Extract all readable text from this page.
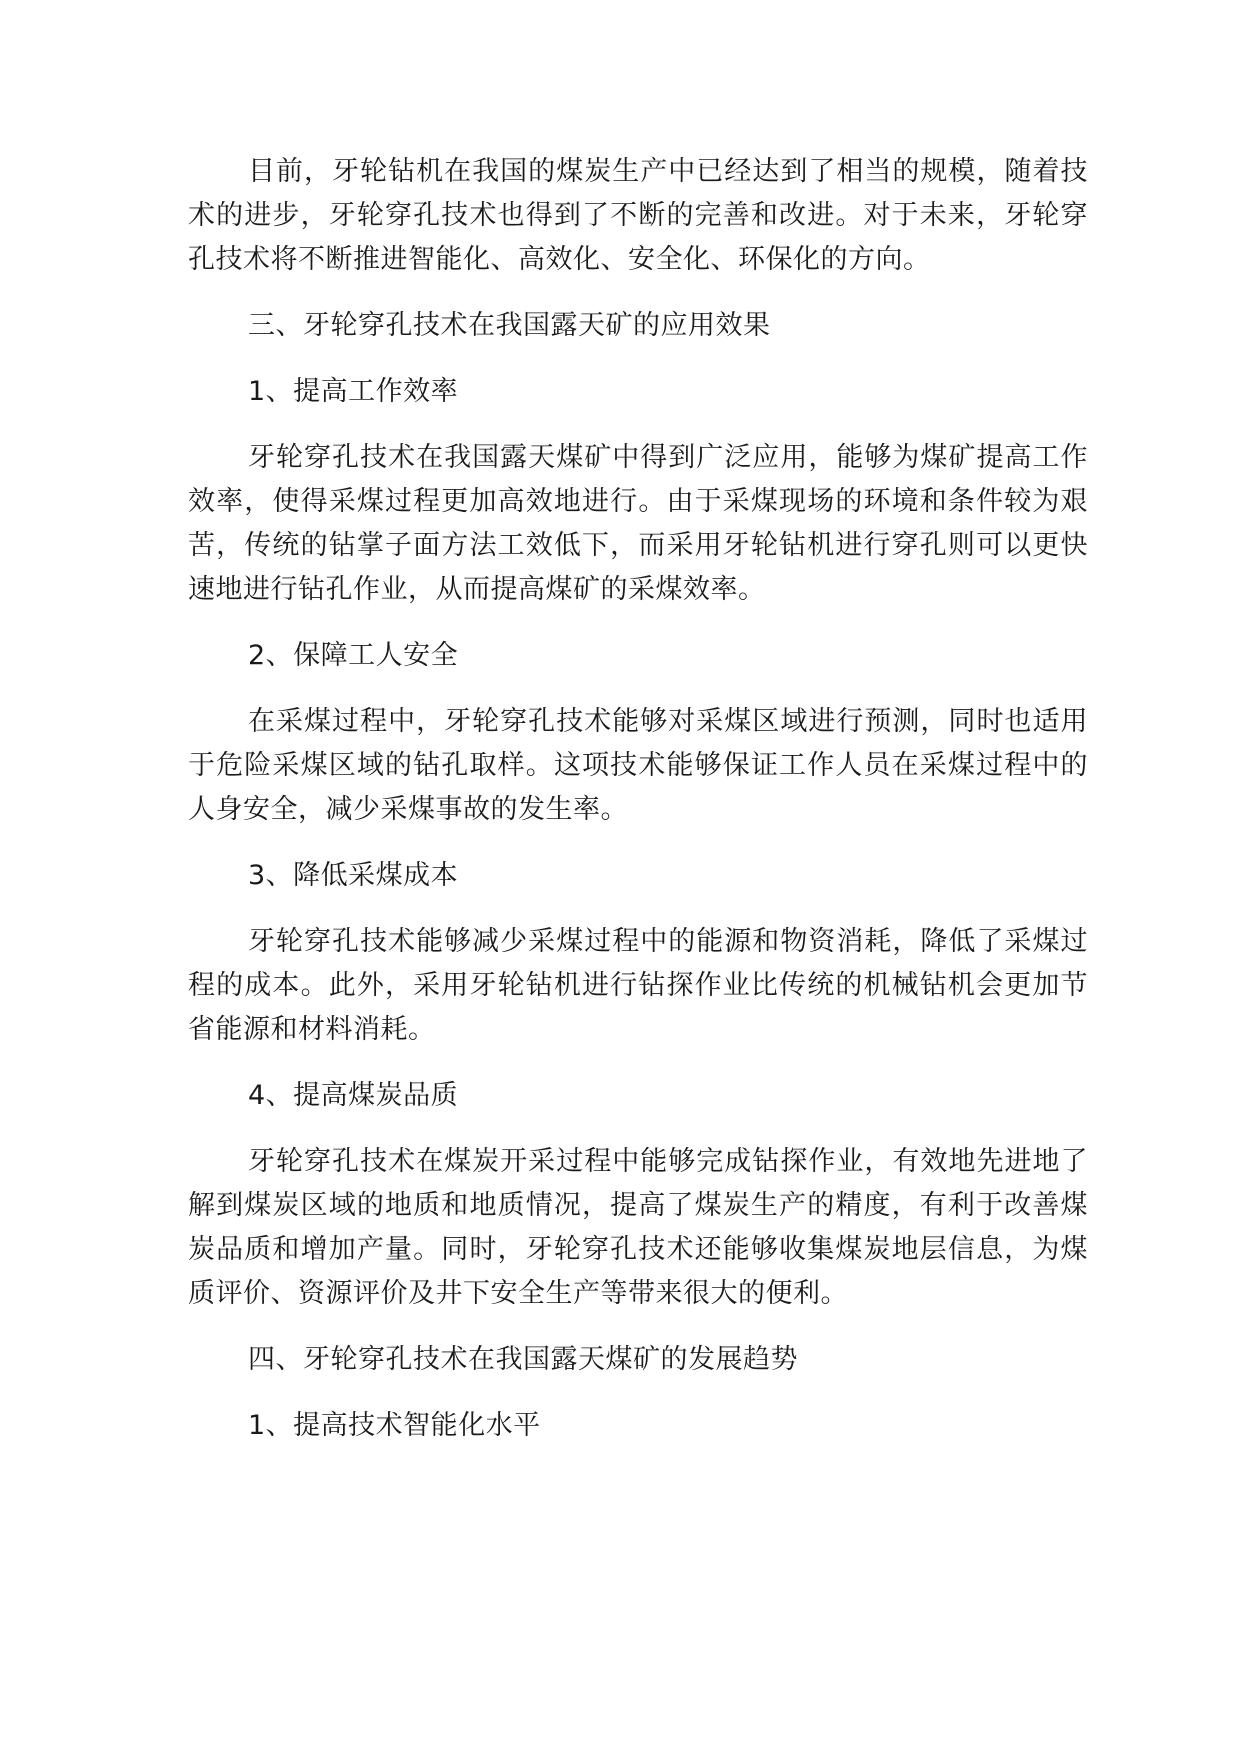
目前，牙轮钻机在我国的煤炭生产中已经达到了相当的规模，随着技术的进步，牙轮穿孔技术也得到了不断的完善和改进。对于未来，牙轮穿孔技术将不断推进智能化、高效化、安全化、环保化的方向。

三、牙轮穿孔技术在我国露天矿的应用效果

1、提高工作效率

牙轮穿孔技术在我国露天煤矿中得到广泛应用，能够为煤矿提高工作效率，使得采煤过程更加高效地进行。由于采煤现场的环境和条件较为艰苦，传统的钻掌子面方法工效低下，而采用牙轮钻机进行穿孔则可以更快速地进行钻孔作业，从而提高煤矿的采煤效率。

2、保障工人安全

在采煤过程中，牙轮穿孔技术能够对采煤区域进行预测，同时也适用于危险采煤区域的钻孔取样。这项技术能够保证工作人员在采煤过程中的人身安全，减少采煤事故的发生率。

3、降低采煤成本

牙轮穿孔技术能够减少采煤过程中的能源和物资消耗，降低了采煤过程的成本。此外，采用牙轮钻机进行钻探作业比传统的机械钻机会更加节省能源和材料消耗。

4、提高煤炭品质

牙轮穿孔技术在煤炭开采过程中能够完成钻探作业，有效地先进地了解到煤炭区域的地质和地质情况，提高了煤炭生产的精度，有利于改善煤炭品质和增加产量。同时，牙轮穿孔技术还能够收集煤炭地层信息，为煤质评价、资源评价及井下安全生产等带来很大的便利。

四、牙轮穿孔技术在我国露天煤矿的发展趋势

1、提高技术智能化水平
